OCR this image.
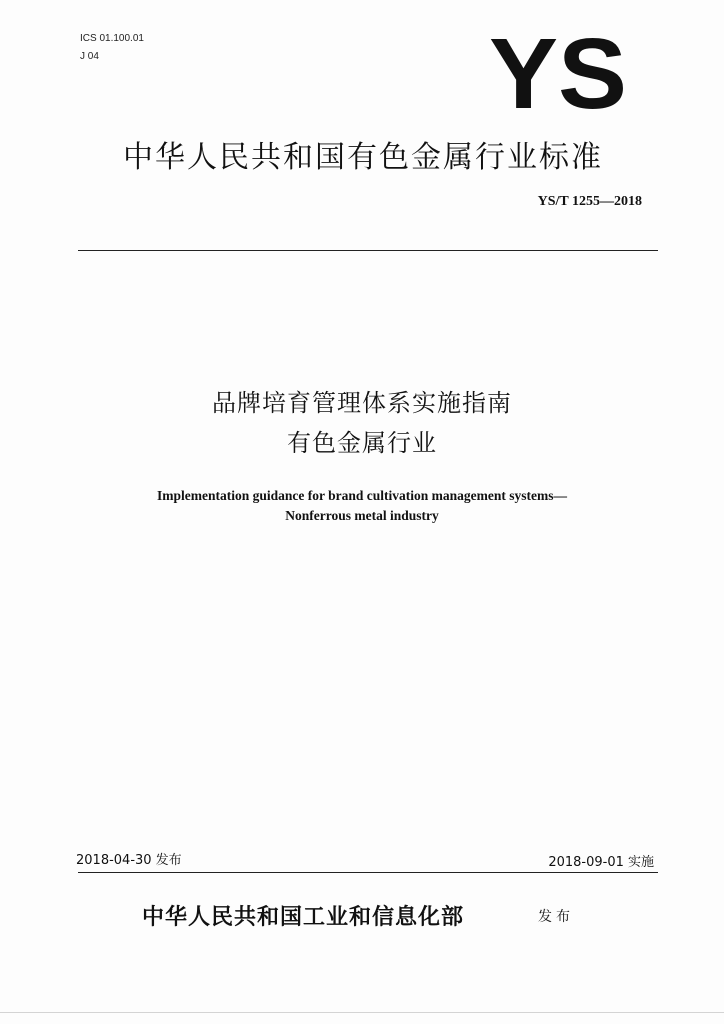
ICS 01.100.01
J 04	YS
中华人民共和国有色金属行业标准
YS/T 1255—2018
品牌培育管理体系实施指南
有色金属行业
Implementation guidance for brand cultivation management systems—
Nonferrous metal industry
2018-04-30 发布	2018-09-01 实施
中华人民共和国工业和信息化部	发布
